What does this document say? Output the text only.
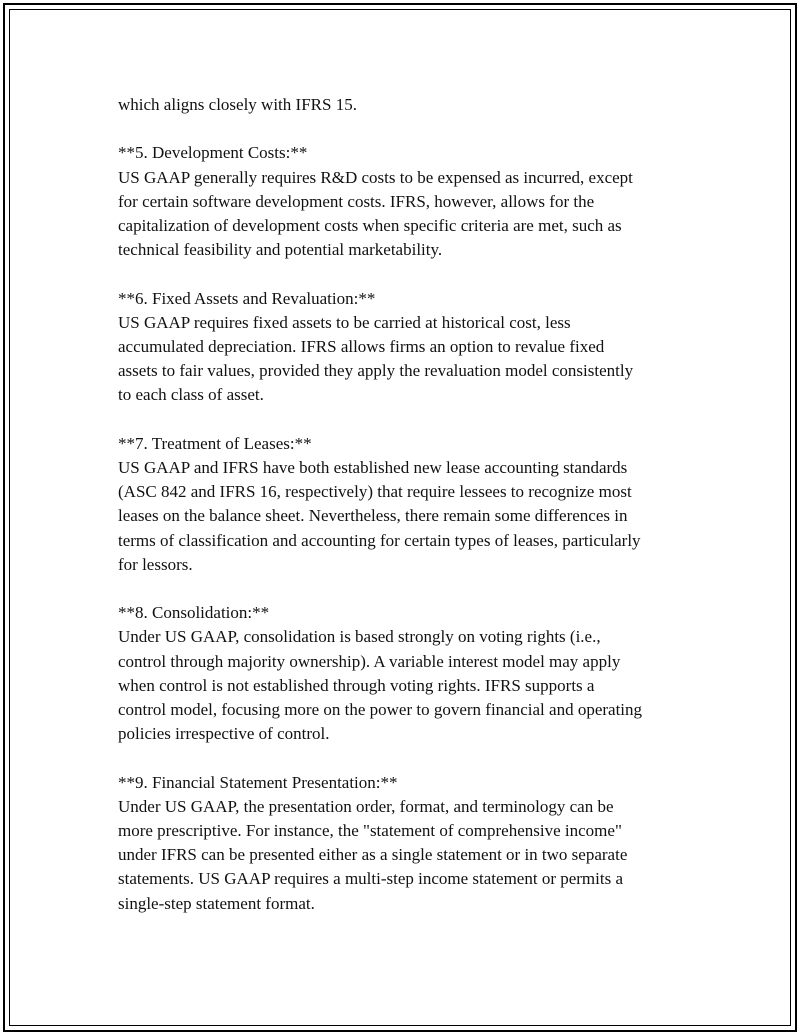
which aligns closely with IFRS 15.

**5. Development Costs:**

US GAAP generally requires R&D costs to be expensed as incurred, except

for certain software development costs. IFRS, however, allows for the

capitalization of development costs when specific criteria are met, such as

technical feasibility and potential marketability.

**6. Fixed Assets and Revaluation:**

US GAAP requires fixed assets to be carried at historical cost, less

accumulated depreciation. IFRS allows firms an option to revalue fixed

assets to fair values, provided they apply the revaluation model consistently

to each class of asset.

**7. Treatment of Leases:**

US GAAP and IFRS have both established new lease accounting standards

(ASC 842 and IFRS 16, respectively) that require lessees to recognize most

leases on the balance sheet. Nevertheless, there remain some differences in

terms of classification and accounting for certain types of leases, particularly

for lessors.

**8. Consolidation:**

Under US GAAP, consolidation is based strongly on voting rights (i.e.,

control through majority ownership). A variable interest model may apply

when control is not established through voting rights. IFRS supports a

control model, focusing more on the power to govern financial and operating

policies irrespective of control.

**9. Financial Statement Presentation:**

Under US GAAP, the presentation order, format, and terminology can be

more prescriptive. For instance, the "statement of comprehensive income"

under IFRS can be presented either as a single statement or in two separate

statements. US GAAP requires a multi-step income statement or permits a

single-step statement format.
